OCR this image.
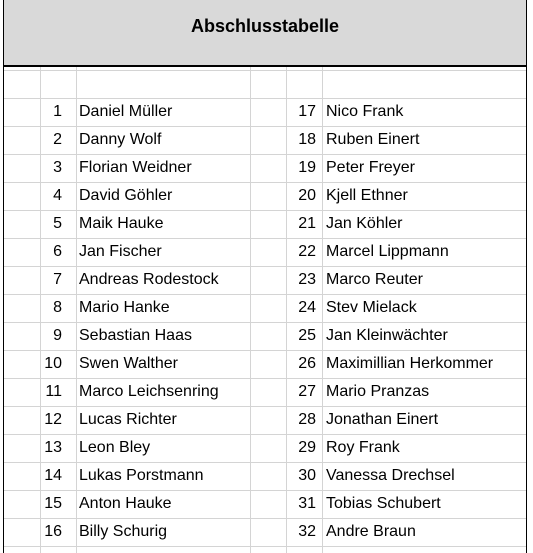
Abschlusstabelle
1 Daniel Müller
2 Danny Wolf
3 Florian Weidner
4 David Göhler
5 Maik Hauke
6 Jan Fischer
7 Andreas Rodestock
8 Mario Hanke
9 Sebastian Haas
10 Swen Walther
11 Marco Leichsenring
12 Lucas Richter
13 Leon Bley
14 Lukas Porstmann
15 Anton Hauke
16 Billy Schurig
17 Nico Frank
18 Ruben Einert
19 Peter Freyer
20 Kjell Ethner
21 Jan Köhler
22 Marcel Lippmann
23 Marco Reuter
24 Stev Mielack
25 Jan Kleinwächter
26 Maximillian Herkommer
27 Mario Pranzas
28 Jonathan Einert
29 Roy Frank
30 Vanessa Drechsel
31 Tobias Schubert
32 Andre Braun
